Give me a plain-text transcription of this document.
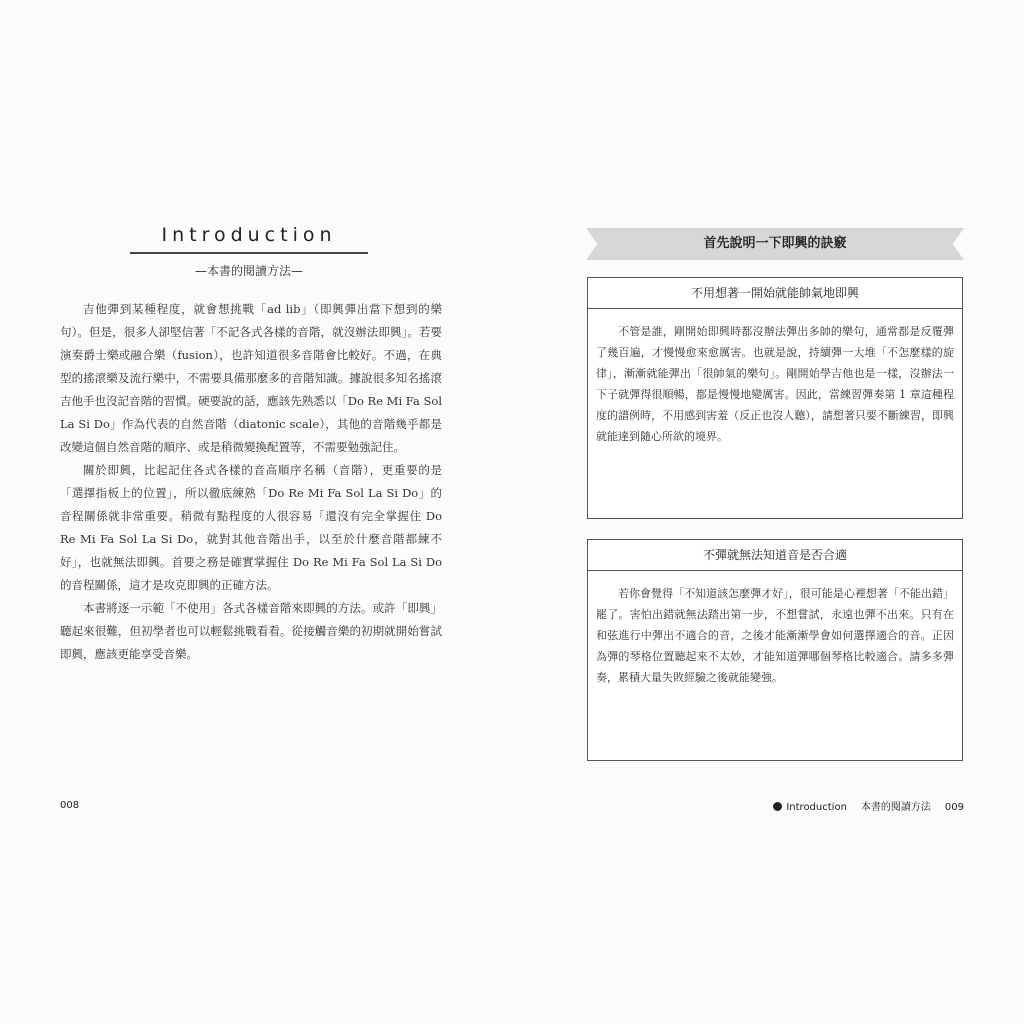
Introduction
—本書的閱讀方法—

吉他彈到某種程度，就會想挑戰「ad lib」（即興彈出當下想到的樂句）。但是，很多人卻堅信著「不記各式各樣的音階，就沒辦法即興」。若要演奏爵士樂或融合樂（fusion），也許知道很多音階會比較好。不過，在典型的搖滾樂及流行樂中，不需要具備那麼多的音階知識。據說很多知名搖滾吉他手也沒記音階的習慣。硬要說的話，應該先熟悉以「Do Re Mi Fa Sol La Si Do」作為代表的自然音階（diatonic scale），其他的音階幾乎都是改變這個自然音階的順序、或是稍微變換配置等，不需要勉強記住。

關於即興，比起記住各式各樣的音高順序名稱（音階），更重要的是「選擇指板上的位置」，所以徹底練熟「Do Re Mi Fa Sol La Si Do」的音程關係就非常重要。稍微有點程度的人很容易「還沒有完全掌握住 Do Re Mi Fa Sol La Si Do，就對其他音階出手，以至於什麼音階都練不好」，也就無法即興。首要之務是確實掌握住 Do Re Mi Fa Sol La Si Do 的音程關係，這才是攻克即興的正確方法。

本書將逐一示範「不使用」各式各樣音階來即興的方法。或許「即興」聽起來很難，但初學者也可以輕鬆挑戰看看。從接觸音樂的初期就開始嘗試即興，應該更能享受音樂。

008
首先說明一下即興的訣竅
不用想著一開始就能帥氣地即興

不管是誰，剛開始即興時都沒辦法彈出多帥的樂句，通常都是反覆彈了幾百遍，才慢慢愈來愈厲害。也就是說，持續彈一大堆「不怎麼樣的旋律」，漸漸就能彈出「很帥氣的樂句」。剛開始學吉他也是一樣，沒辦法一下子就彈得很順暢，都是慢慢地變厲害。因此，當練習彈奏第 1 章這種程度的譜例時，不用感到害羞（反正也沒人聽），請想著只要不斷練習，即興就能達到隨心所欲的境界。

不彈就無法知道音是否合適

若你會覺得「不知道該怎麼彈才好」，很可能是心裡想著「不能出錯」罷了。害怕出錯就無法踏出第一步，不想嘗試，永遠也彈不出來。只有在和弦進行中彈出不適合的音，之後才能漸漸學會如何選擇適合的音。正因為彈的琴格位置聽起來不太妙，才能知道彈哪個琴格比較適合。請多多彈奏，累積大量失敗經驗之後就能變強。

Introduction 本書的閱讀方法 009
